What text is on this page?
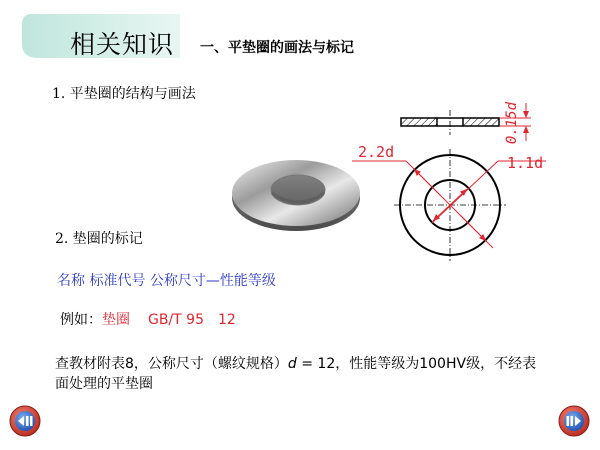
相关知识 一、平垫圈的画法与标记
1. 平垫圈的结构与画法
0.15d
2.2d
1.1d
2. 垫圈的标记
名称 标准代号 公称尺寸—性能等级
例如：垫圈 GB/T 95 12
查教材附表8，公称尺寸（螺纹规格）d = 12，性能等级为100HV级，不经表面处理的平垫圈
